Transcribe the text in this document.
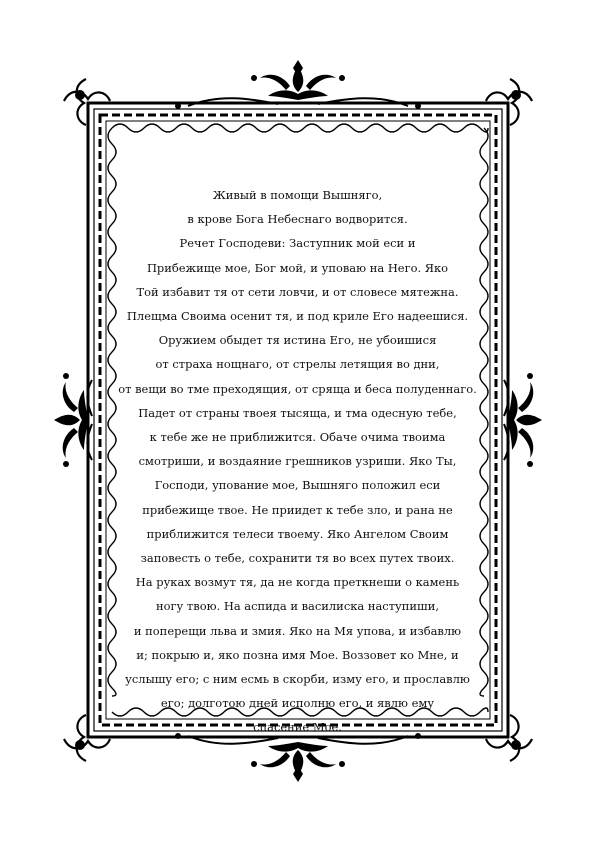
Живый в помощи Вышняго,
в крове Бога Небеснаго водворится.
Речет Господеви: Заступник мой еси и
Прибежище мое, Бог мой, и уповаю на Него. Яко
Той избавит тя от сети ловчи, и от словесе мятежна.
Плещма Своима осенит тя, и под криле Его надеешися.
Оружием обыдет тя истина Его, не убоишися
от страха нощнаго, от стрелы летящия во дни,
от вещи во тме преходящия, от сряща и беса полуденнаго.
Падет от страны твоея тысяща, и тма одесную тебе,
к тебе же не приближится. Обаче очима твоима
смотриши, и воздаяние грешников узриши. Яко Ты,
Господи, упование мое, Вышняго положил еси
прибежище твое. Не приидет к тебе зло, и рана не
приближится телеси твоему. Яко Ангелом Своим
заповесть о тебе, сохранити тя во всех путех твоих.
На руках возмут тя, да не когда преткнеши о камень
ногу твою. На аспида и василиска наступиши,
и поперещи льва и змия. Яко на Мя упова, и избавлю
и; покрыю и, яко позна имя Мое. Воззовет ко Мне, и
услышу его; с ним есмь в скорби, изму его, и прославлю
его; долготою дней исполню его, и явлю ему
спасение Мое.
